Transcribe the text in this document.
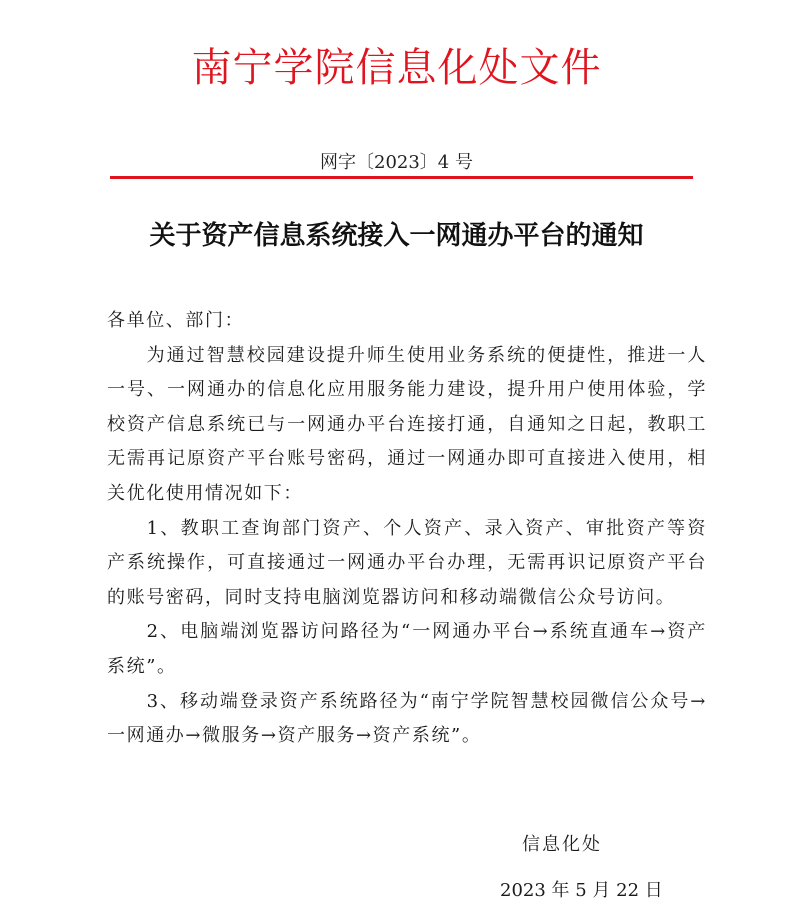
南宁学院信息化处文件
网字〔2023〕4 号
关于资产信息系统接入一网通办平台的通知

各单位、部门：

为通过智慧校园建设提升师生使用业务系统的便捷性，推进一人一号、一网通办的信息化应用服务能力建设，提升用户使用体验，学校资产信息系统已与一网通办平台连接打通，自通知之日起，教职工无需再记原资产平台账号密码，通过一网通办即可直接进入使用，相关优化使用情况如下：

1、教职工查询部门资产、个人资产、录入资产、审批资产等资产系统操作，可直接通过一网通办平台办理，无需再识记原资产平台的账号密码，同时支持电脑浏览器访问和移动端微信公众号访问。

2、电脑端浏览器访问路径为“一网通办平台→系统直通车→资产系统”。

3、移动端登录资产系统路径为“南宁学院智慧校园微信公众号→一网通办→微服务→资产服务→资产系统”。

信息化处
2023 年 5 月 22 日
